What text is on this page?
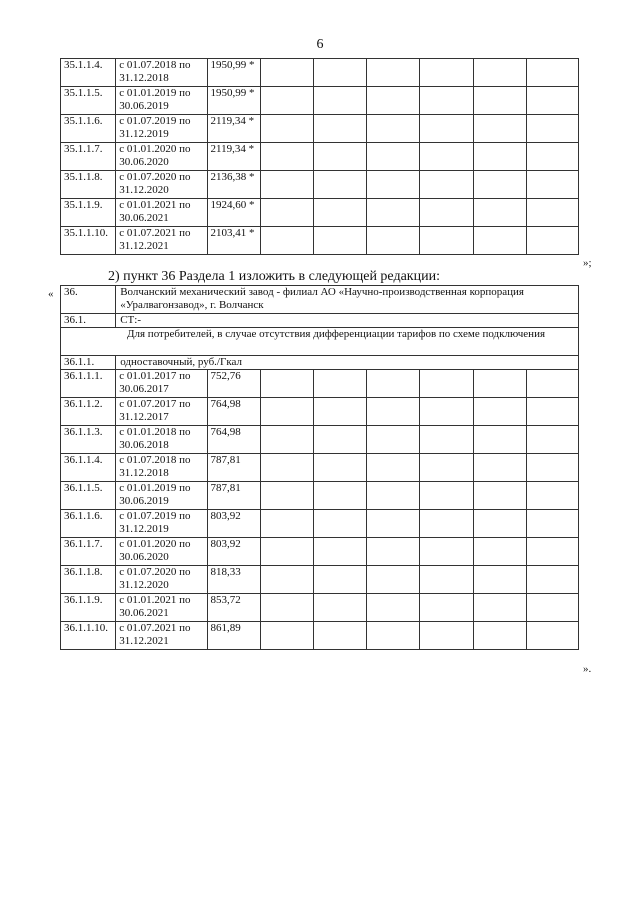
6
35.1.1.4.	с 01.07.2018 по 31.12.2018	1950,99 *						
35.1.1.5.	с 01.01.2019 по 30.06.2019	1950,99 *						
35.1.1.6.	с 01.07.2019 по 31.12.2019	2119,34 *						
35.1.1.7.	с 01.01.2020 по 30.06.2020	2119,34 *						
35.1.1.8.	с 01.07.2020 по 31.12.2020	2136,38 *						
35.1.1.9.	с 01.01.2021 по 30.06.2021	1924,60 *						
35.1.1.10.	с 01.07.2021 по 31.12.2021	2103,41 *						
»;
2) пункт 36 Раздела 1 изложить в следующей редакции:
« 36.	Волчанский механический завод - филиал АО «Научно-производственная корпорация «Уралвагонзавод», г. Волчанск							
36.1.	СТ:-							
Для потребителей, в случае отсутствия дифференциации тарифов по схеме подключения								
36.1.1.	одноставочный, руб./Гкал							
36.1.1.1.	с 01.01.2017 по 30.06.2017	752,76						
36.1.1.2.	с 01.07.2017 по 31.12.2017	764,98						
36.1.1.3.	с 01.01.2018 по 30.06.2018	764,98						
36.1.1.4.	с 01.07.2018 по 31.12.2018	787,81						
36.1.1.5.	с 01.01.2019 по 30.06.2019	787,81						
36.1.1.6.	с 01.07.2019 по 31.12.2019	803,92						
36.1.1.7.	с 01.01.2020 по 30.06.2020	803,92						
36.1.1.8.	с 01.07.2020 по 31.12.2020	818,33						
36.1.1.9.	с 01.01.2021 по 30.06.2021	853,72						
36.1.1.10.	с 01.07.2021 по 31.12.2021	861,89						
».
